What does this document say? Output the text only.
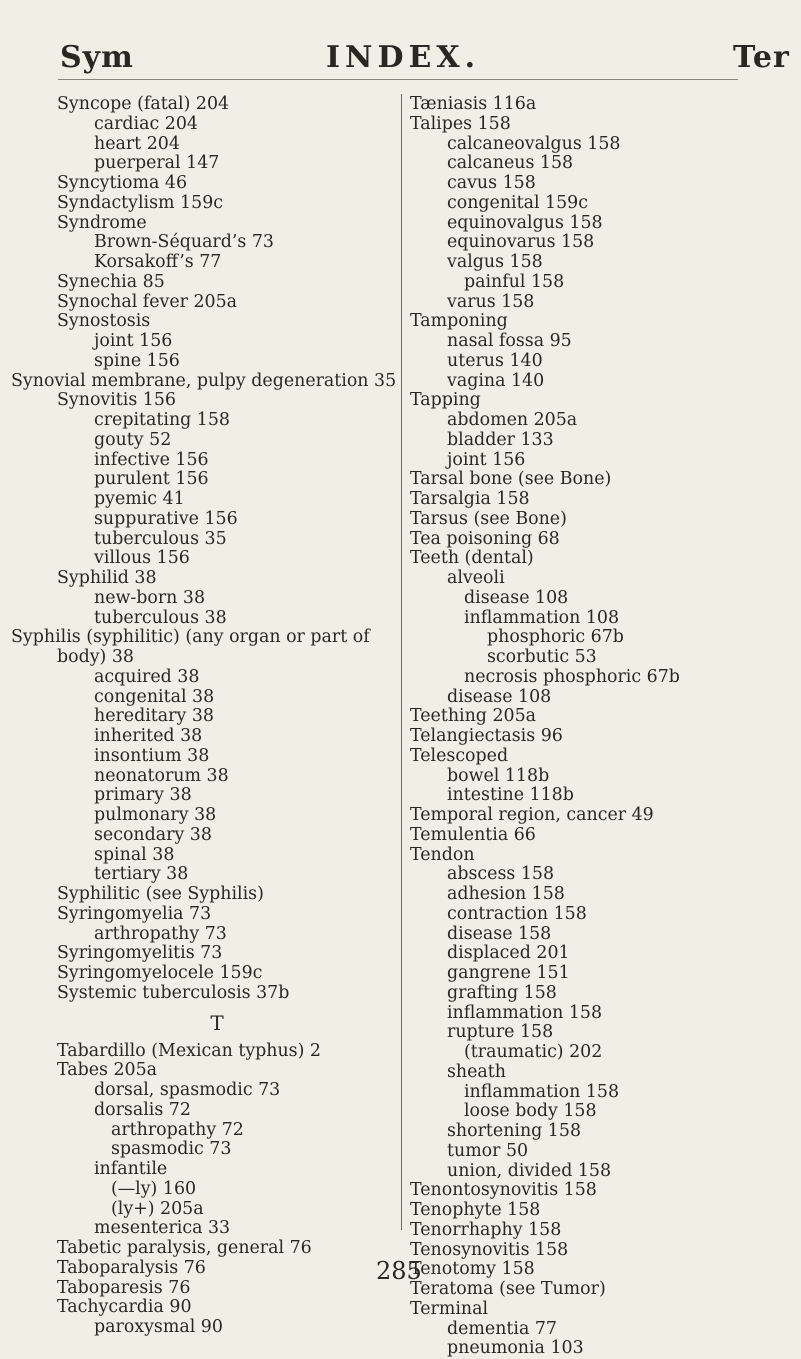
Sym	INDEX.	Ter
Syncope (fatal) 204
cardiac 204
heart 204
puerperal 147
Syncytioma 46
Syndactylism 159c
Syndrome
Brown-Séquard’s 73
Korsakoff’s 77
Synechia 85
Synochal fever 205a
Synostosis
joint 156
spine 156
Synovial membrane, pulpy degeneration 35
Synovitis 156
crepitating 158
gouty 52
infective 156
purulent 156
pyemic 41
suppurative 156
tuberculous 35
villous 156
Syphilid 38
new-born 38
tuberculous 38
Syphilis (syphilitic) (any organ or part of body) 38
acquired 38
congenital 38
hereditary 38
inherited 38
insontium 38
neonatorum 38
primary 38
pulmonary 38
secondary 38
spinal 38
tertiary 38
Syphilitic (see Syphilis)
Syringomyelia 73
arthropathy 73
Syringomyelitis 73
Syringomyelocele 159c
Systemic tuberculosis 37b
T
Tabardillo (Mexican typhus) 2
Tabes 205a
dorsal, spasmodic 73
dorsalis 72
arthropathy 72
spasmodic 73
infantile
(—ly) 160
(ly+) 205a
mesenterica 33
Tabetic paralysis, general 76
Taboparalysis 76
Taboparesis 76
Tachycardia 90
paroxysmal 90
Tæniasis 116a
Talipes 158
calcaneovalgus 158
calcaneus 158
cavus 158
congenital 159c
equinovalgus 158
equinovarus 158
valgus 158
painful 158
varus 158
Tamponing
nasal fossa 95
uterus 140
vagina 140
Tapping
abdomen 205a
bladder 133
joint 156
Tarsal bone (see Bone)
Tarsalgia 158
Tarsus (see Bone)
Tea poisoning 68
Teeth (dental)
alveoli
disease 108
inflammation 108
phosphoric 67b
scorbutic 53
necrosis phosphoric 67b
disease 108
Teething 205a
Telangiectasis 96
Telescoped
bowel 118b
intestine 118b
Temporal region, cancer 49
Temulentia 66
Tendon
abscess 158
adhesion 158
contraction 158
disease 158
displaced 201
gangrene 151
grafting 158
inflammation 158
rupture 158
(traumatic) 202
sheath
inflammation 158
loose body 158
shortening 158
tumor 50
union, divided 158
Tenontosynovitis 158
Tenophyte 158
Tenorrhaphy 158
Tenosynovitis 158
Tenotomy 158
Teratoma (see Tumor)
Terminal
dementia 77
pneumonia 103
285
